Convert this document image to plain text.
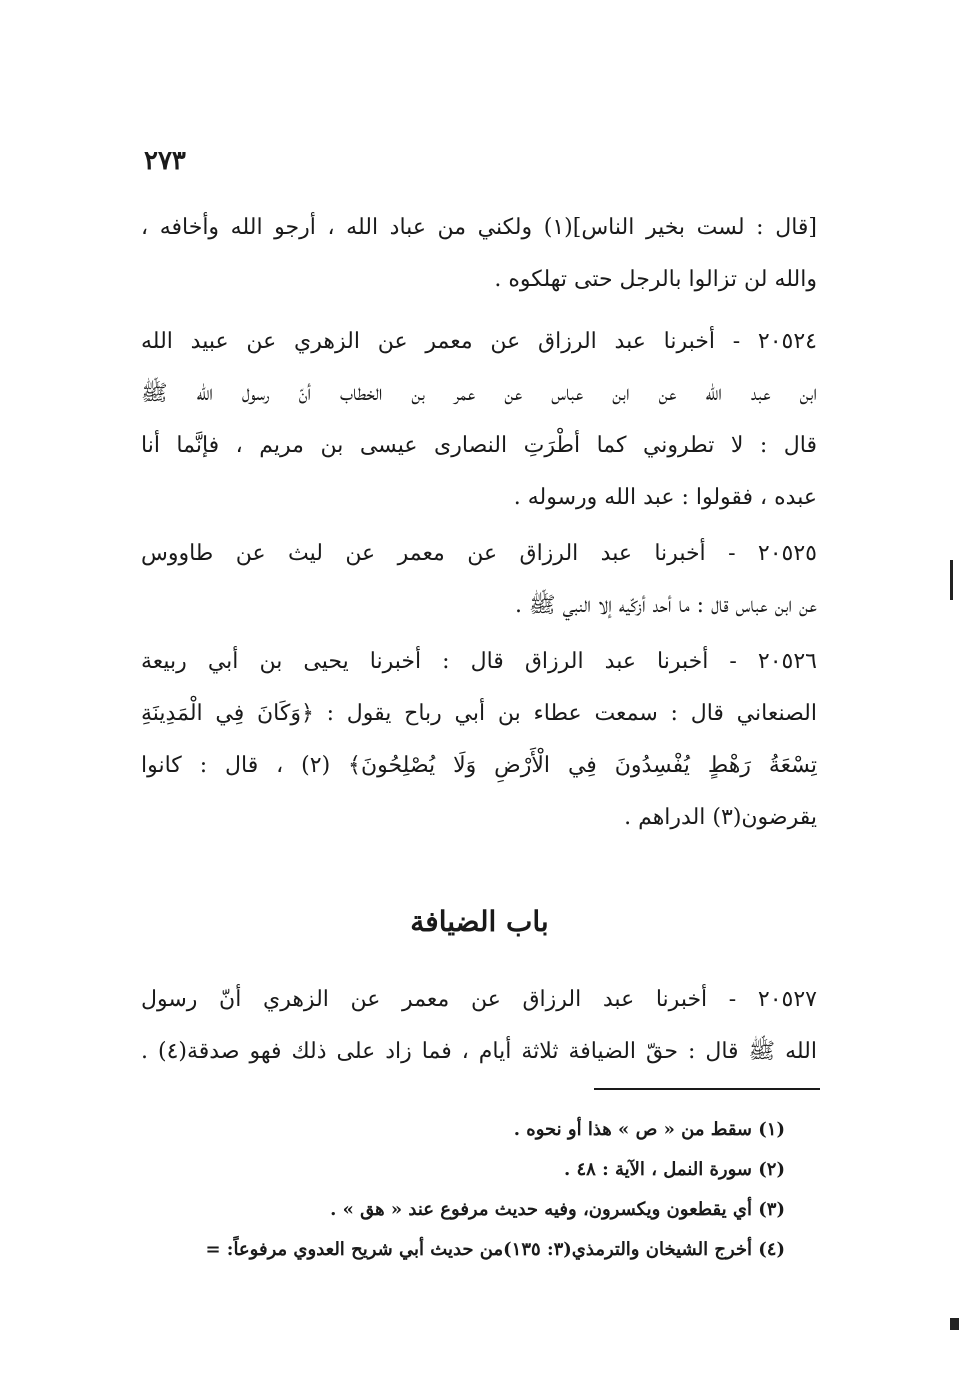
٢٧٣
[قال : لست بخير الناس](١) ولكني من عباد الله ، أرجو الله وأخافه ،
والله لن تزالوا بالرجل حتى تهلكوه .
٢٠٥٢٤ - أخبرنا عبد الرزاق عن معمر عن الزهري عن عبيد الله
ابن عبد الله عن ابن عباس عن عمر بن الخطاب أنّ رسول الله ﷺ
قال : لا تطروني كما أطْرَتِ النصارى عيسى بن مريم ، فإنَّما أنا
عبده ، فقولوا : عبد الله ورسوله .
٢٠٥٢٥ - أخبرنا عبد الرزاق عن معمر عن ليث عن طاووس
عن ابن عباس قال : ما أحد أزكّيه إلا النبي ﷺ .
٢٠٥٢٦ - أخبرنا عبد الرزاق قال : أخبرنا يحيى بن أبي ربيعة
الصنعاني قال : سمعت عطاء بن أبي رباح يقول : ﴿وَكَانَ فِي الْمَدِينَةِ
تِسْعَةُ رَهْطٍ يُفْسِدُونَ فِي الْأَرْضِ وَلَا يُصْلِحُونَ﴾ (٢) ، قال : كانوا
يقرضون(٣) الدراهم .
باب الضيافة
٢٠٥٢٧ - أخبرنا عبد الرزاق عن معمر عن الزهري أنّ رسول
الله ﷺ قال : حقّ الضيافة ثلاثة أيام ، فما زاد على ذلك فهو صدقة(٤) .
(١) سقط من « ص » هذا أو نحوه .
(٢) سورة النمل ، الآية : ٤٨ .
(٣) أي يقطعون ويكسرون، وفيه حديث مرفوع عند « هق » .
(٤) أخرج الشيخان والترمذي(٣: ١٣٥)من حديث أبي شريح العدوي مرفوعاً: =
